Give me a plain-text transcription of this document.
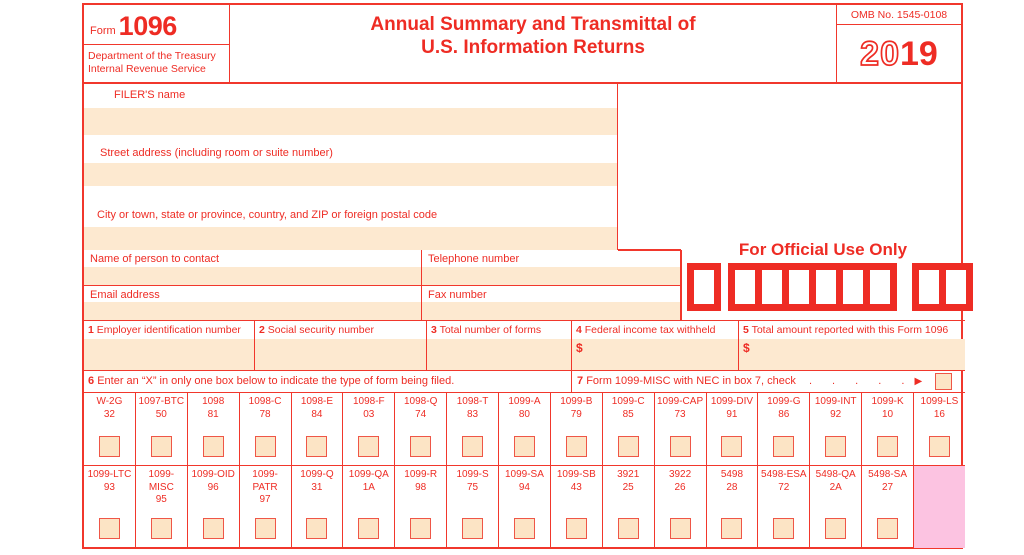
Form 1096
Department of the Treasury
Internal Revenue Service
Annual Summary and Transmittal of
U.S. Information Returns
OMB No. 1545-0108
20 19
FILER'S name
Street address (including room or suite number)
City or town, state or province, country, and ZIP or foreign postal code
Name of person to contact
Email address
Telephone number
Fax number
For Official Use Only
1 Employer identification number	2 Social security number	3 Total number of forms	4 Federal income tax withheld
$
5 Total amount reported with this Form 1096
$
6 Enter an “X” in only one box below to indicate the type of form being filed.	7 Form 1099-MISC with NEC in box 7, check . . . . . ▶
W-2G
32
1097-BTC
50
1098
81
1098-C
78
1098-E
84
1098-F
03
1098-Q
74
1098-T
83
1099-A
80
1099-B
79
1099-C
85
1099-CAP
73
1099-DIV
91
1099-G
86
1099-INT
92
1099-K
10
1099-LS
16
1099-LTC
93
1099-MISC
95
1099-OID
96
1099-PATR
97
1099-Q
31
1099-QA
1A
1099-R
98
1099-S
75
1099-SA
94
1099-SB
43
3921
25
3922
26
5498
28
5498-ESA
72
5498-QA
2A
5498-SA
27
